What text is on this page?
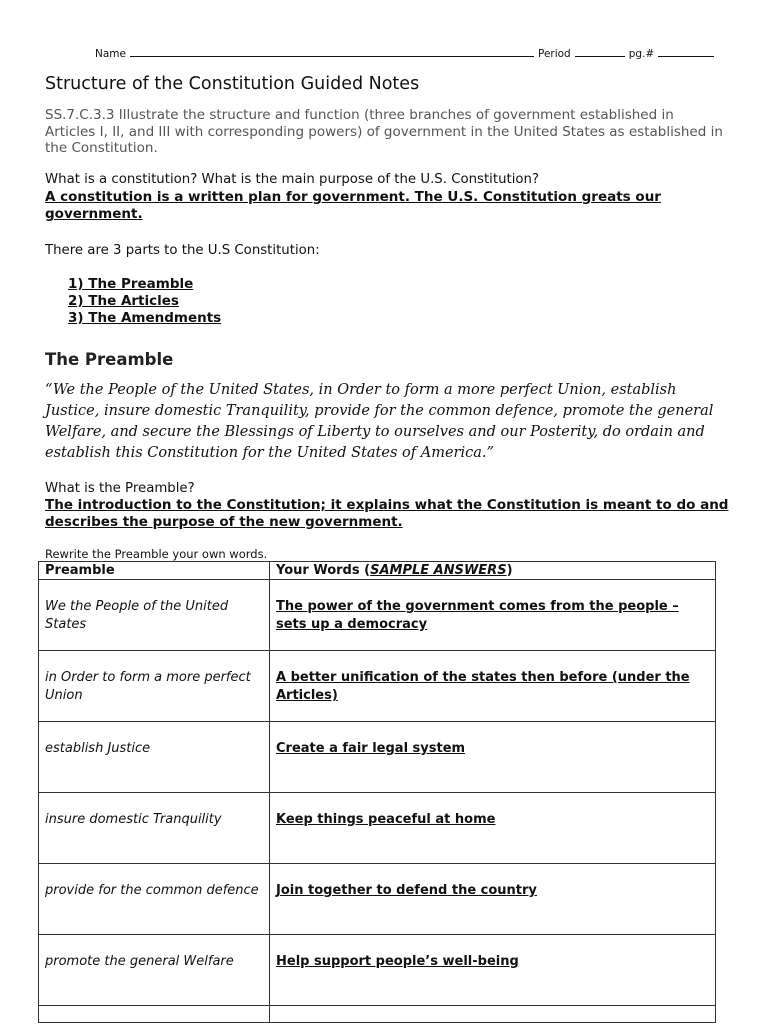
Name	Period	pg.#
Structure of the Constitution Guided Notes
SS.7.C.3.3 Illustrate the structure and function (three branches of government established in Articles I, II, and III with corresponding powers) of government in the United States as established in the Constitution.
What is a constitution? What is the main purpose of the U.S. Constitution?
A constitution is a written plan for government. The U.S. Constitution greats our government.
There are 3 parts to the U.S Constitution:
1) The Preamble
2) The Articles
3) The Amendments
The Preamble
“We the People of the United States, in Order to form a more perfect Union, establish Justice, insure domestic Tranquility, provide for the common defence, promote the general Welfare, and secure the Blessings of Liberty to ourselves and our Posterity, do ordain and establish this Constitution for the United States of America.”
What is the Preamble?
The introduction to the Constitution; it explains what the Constitution is meant to do and describes the purpose of the new government.
Rewrite the Preamble your own words.
Preamble	Your Words (SAMPLE ANSWERS)
We the People of the United States	The power of the government comes from the people – sets up a democracy
in Order to form a more perfect Union	A better unification of the states then before (under the Articles)
establish Justice	Create a fair legal system
insure domestic Tranquility	Keep things peaceful at home
provide for the common defence	Join together to defend the country
promote the general Welfare	Help support people’s well-being
